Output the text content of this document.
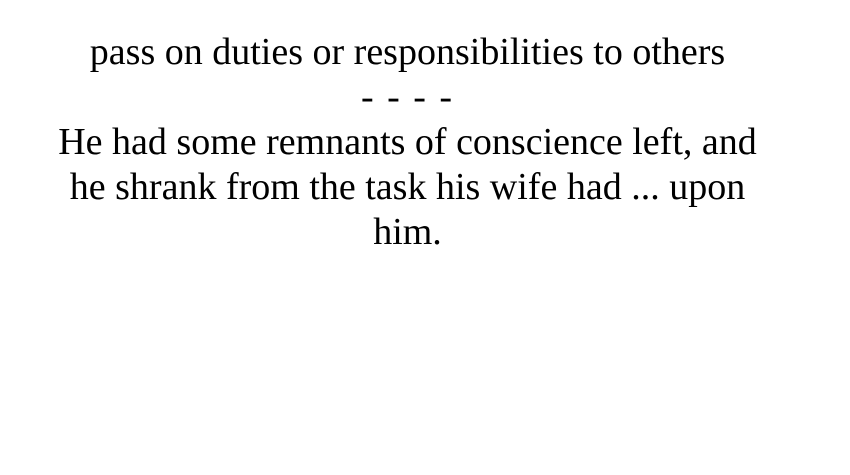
pass on duties or responsibilities to others
- - - -
He had some remnants of conscience left, and
he shrank from the task his wife had ... upon
him.
